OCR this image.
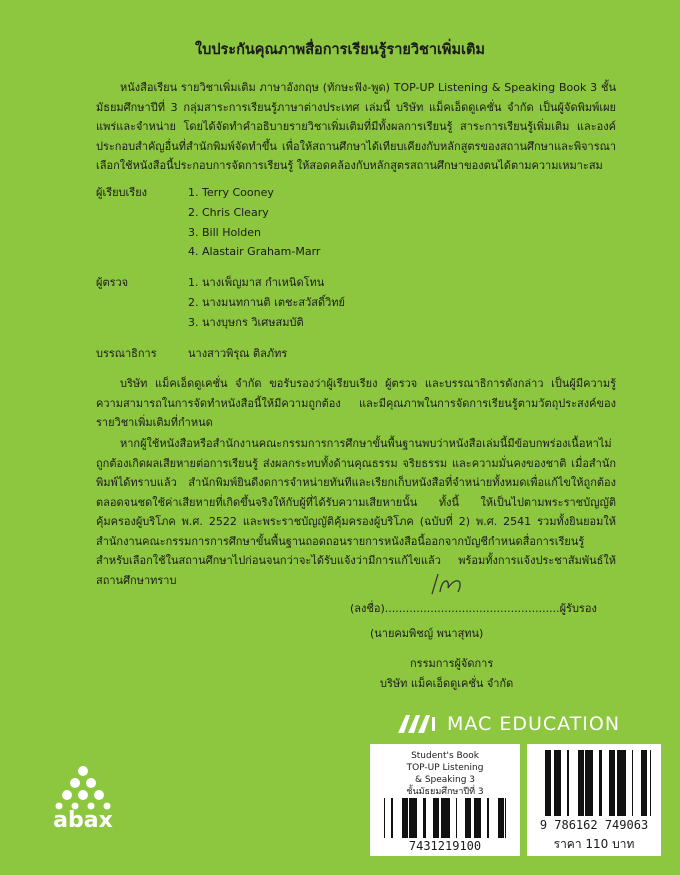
ใบประกันคุณภาพสื่อการเรียนรู้รายวิชาเพิ่มเติม
หนังสือเรียน รายวิชาเพิ่มเติม ภาษาอังกฤษ (ทักษะฟัง-พูด) TOP-UP Listening & Speaking Book 3 ชั้นมัธยมศึกษาปีที่ 3 กลุ่มสาระการเรียนรู้ภาษาต่างประเทศ เล่มนี้ บริษัท แม็คเอ็ดดูเคชั่น จำกัด เป็นผู้จัดพิมพ์เผยแพร่และจำหน่าย โดยได้จัดทำคำอธิบายรายวิชาเพิ่มเติมที่มีทั้งผลการเรียนรู้ สาระการเรียนรู้เพิ่มเติม และองค์ประกอบสำคัญอื่นที่สำนักพิมพ์จัดทำขึ้น เพื่อให้สถานศึกษาได้เทียบเคียงกับหลักสูตรของสถานศึกษาและพิจารณาเลือกใช้หนังสือนี้ประกอบการจัดการเรียนรู้ ให้สอดคล้องกับหลักสูตรสถานศึกษาของตนได้ตามความเหมาะสม
ผู้เรียบเรียง	1. Terry Cooney
2. Chris Cleary
3. Bill Holden
4. Alastair Graham-Marr
ผู้ตรวจ	1. นางเพ็ญมาส กำเหนิดโทน
2. นางมนทกานติ เตชะสวัสดิ์วิทย์
3. นางบุษกร วิเศษสมบัติ
บรรณาธิการ	นางสาวพิรุณ ติลภัทร
บริษัท แม็คเอ็ดดูเคชั่น จำกัด ขอรับรองว่าผู้เรียบเรียง ผู้ตรวจ และบรรณาธิการดังกล่าว เป็นผู้มีความรู้ความสามารถในการจัดทำหนังสือนี้ให้มีความถูกต้อง และมีคุณภาพในการจัดการเรียนรู้ตามวัตถุประสงค์ของรายวิชาเพิ่มเติมที่กำหนด
หากผู้ใช้หนังสือหรือสำนักงานคณะกรรมการการศึกษาขั้นพื้นฐานพบว่าหนังสือเล่มนี้มีข้อบกพร่องเนื้อหาไม่ถูกต้องเกิดผลเสียหายต่อการเรียนรู้ ส่งผลกระทบทั้งด้านคุณธรรม จริยธรรม และความมั่นคงของชาติ เมื่อสำนักพิมพ์ได้ทราบแล้ว สำนักพิมพ์ยินดีงดการจำหน่ายทันทีและเรียกเก็บหนังสือที่จำหน่ายทั้งหมดเพื่อแก้ไขให้ถูกต้อง ตลอดจนชดใช้ค่าเสียหายที่เกิดขึ้นจริงให้กับผู้ที่ได้รับความเสียหายนั้น ทั้งนี้ ให้เป็นไปตามพระราชบัญญัติคุ้มครองผู้บริโภค พ.ศ. 2522 และพระราชบัญญัติคุ้มครองผู้บริโภค (ฉบับที่ 2) พ.ศ. 2541 รวมทั้งยินยอมให้สำนักงานคณะกรรมการการศึกษาขั้นพื้นฐานถอดถอนรายการหนังสือนี้ออกจากบัญชีกำหนดสื่อการเรียนรู้สำหรับเลือกใช้ในสถานศึกษาไปก่อนจนกว่าจะได้รับแจ้งว่ามีการแก้ไขแล้ว พร้อมทั้งการแจ้งประชาสัมพันธ์ให้สถานศึกษาทราบ
(ลงชื่อ)..................................................ผู้รับรอง
(นายคมพิชญ์ พนาสุทน)
กรรมการผู้จัดการ
บริษัท แม็คเอ็ดดูเคชั่น จำกัด
MAC EDUCATION
Student's Book
TOP-UP Listening
& Speaking 3
ชั้นมัธยมศึกษาปีที่ 3
7431219100
9 786162 749063
ราคา 110 บาท
abax
